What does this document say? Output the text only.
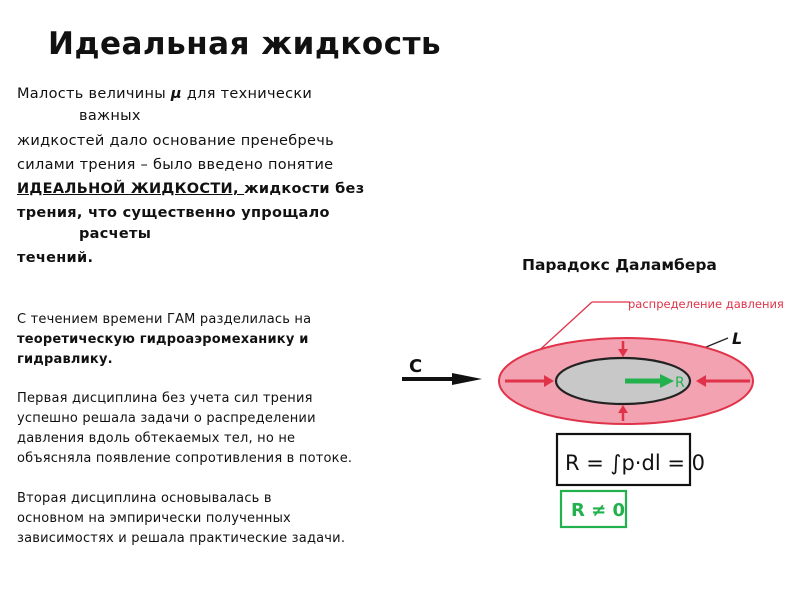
Идеальная жидкость
Малость величины μ для технически
важных
жидкостей дало основание пренебречь
силами трения – было введено понятие
ИДЕАЛЬНОЙ ЖИДКОСТИ, жидкости без
трения, что существенно упрощало
расчеты
течений.
С течением времени ГАМ разделилась на
теоретическую гидроаэромеханику и
гидравлику.
Первая дисциплина без учета сил трения
успешно решала задачи о распределении
давления вдоль обтекаемых тел, но не
объясняла появление сопротивления в потоке.
Вторая дисциплина основывалась в
основном на эмпирически полученных
зависимостях и решала практические задачи.
Парадокс Даламбера
распределение давления
L
R
C
R = ∫p·dl = 0
R ≠ 0
